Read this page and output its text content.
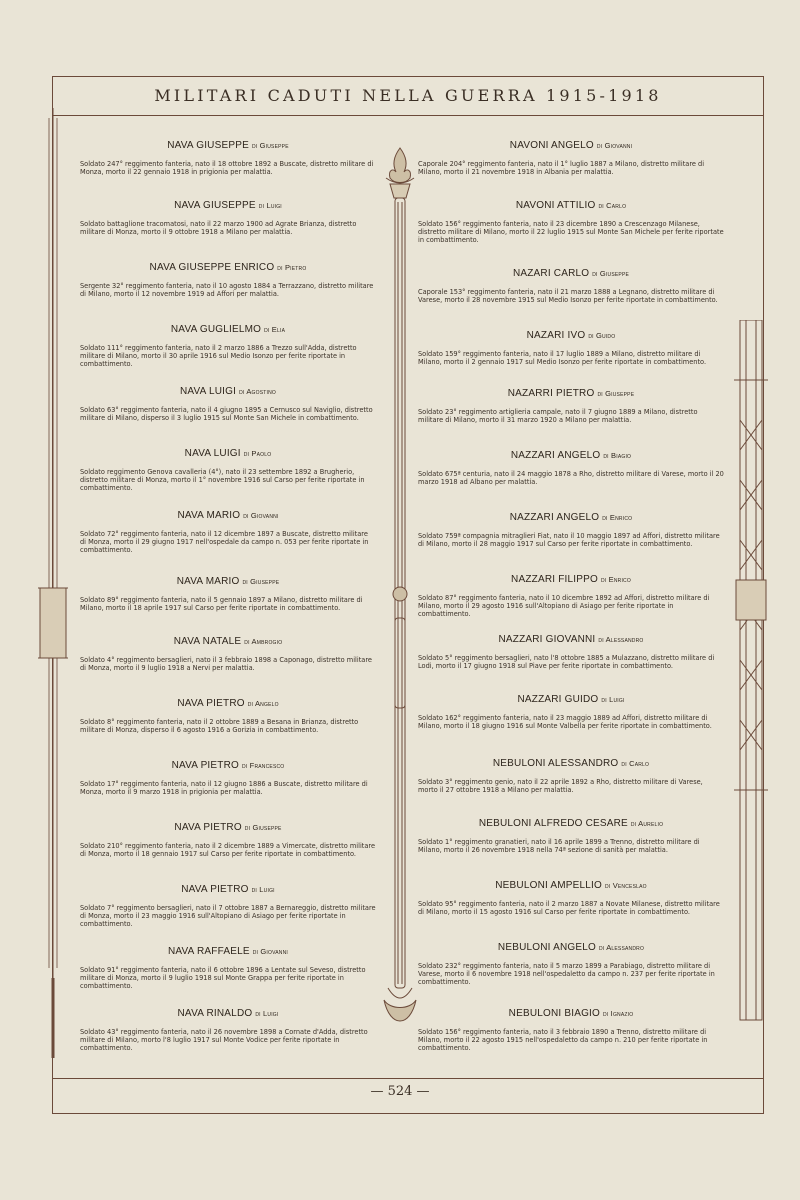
MILITARI CADUTI NELLA GUERRA 1915-1918
NAVA GIUSEPPE di Giuseppe
Soldato 247° reggimento fanteria, nato il 18 ottobre 1892 a Buscate, distretto militare di Monza, morto il 22 gennaio 1918 in prigionia per malattia.
NAVA GIUSEPPE di Luigi
Soldato battaglione tracomatosi, nato il 22 marzo 1900 ad Agrate Brianza, distretto militare di Monza, morto il 9 ottobre 1918 a Milano per malattia.
NAVA GIUSEPPE ENRICO di Pietro
Sergente 32° reggimento fanteria, nato il 10 agosto 1884 a Terrazzano, distretto militare di Milano, morto il 12 novembre 1919 ad Affori per malattia.
NAVA GUGLIELMO di Elia
Soldato 111° reggimento fanteria, nato il 2 marzo 1886 a Trezzo sull'Adda, distretto militare di Milano, morto il 30 aprile 1916 sul Medio Isonzo per ferite riportate in combattimento.
NAVA LUIGI di Agostino
Soldato 63° reggimento fanteria, nato il 4 giugno 1895 a Cernusco sul Naviglio, distretto militare di Milano, disperso il 3 luglio 1915 sul Monte San Michele in combattimento.
NAVA LUIGI di Paolo
Soldato reggimento Genova cavalleria (4°), nato il 23 settembre 1892 a Brugherio, distretto militare di Monza, morto il 1° novembre 1916 sul Carso per ferite riportate in combattimento.
NAVA MARIO di Giovanni
Soldato 72° reggimento fanteria, nato il 12 dicembre 1897 a Buscate, distretto militare di Monza, morto il 29 giugno 1917 nell'ospedale da campo n. 053 per ferite riportate in combattimento.
NAVA MARIO di Giuseppe
Soldato 89° reggimento fanteria, nato il 5 gennaio 1897 a Milano, distretto militare di Milano, morto il 18 aprile 1917 sul Carso per ferite riportate in combattimento.
NAVA NATALE di Ambrogio
Soldato 4° reggimento bersaglieri, nato il 3 febbraio 1898 a Caponago, distretto militare di Monza, morto il 9 luglio 1918 a Nervi per malattia.
NAVA PIETRO di Angelo
Soldato 8° reggimento fanteria, nato il 2 ottobre 1889 a Besana in Brianza, distretto militare di Monza, disperso il 6 agosto 1916 a Gorizia in combattimento.
NAVA PIETRO di Francesco
Soldato 17° reggimento fanteria, nato il 12 giugno 1886 a Buscate, distretto militare di Monza, morto il 9 marzo 1918 in prigionia per malattia.
NAVA PIETRO di Giuseppe
Soldato 210° reggimento fanteria, nato il 2 dicembre 1889 a Vimercate, distretto militare di Monza, morto il 18 gennaio 1917 sul Carso per ferite riportate in combattimento.
NAVA PIETRO di Luigi
Soldato 7° reggimento bersaglieri, nato il 7 ottobre 1887 a Bernareggio, distretto militare di Monza, morto il 23 maggio 1916 sull'Altopiano di Asiago per ferite riportate in combattimento.
NAVA RAFFAELE di Giovanni
Soldato 91° reggimento fanteria, nato il 6 ottobre 1896 a Lentate sul Seveso, distretto militare di Monza, morto il 9 luglio 1918 sul Monte Grappa per ferite riportate in combattimento.
NAVA RINALDO di Luigi
Soldato 43° reggimento fanteria, nato il 26 novembre 1898 a Cornate d'Adda, distretto militare di Milano, morto l'8 luglio 1917 sul Monte Vodice per ferite riportate in combattimento.
NAVONI ANGELO di Giovanni
Caporale 204° reggimento fanteria, nato il 1° luglio 1887 a Milano, distretto militare di Milano, morto il 21 novembre 1918 in Albania per malattia.
NAVONI ATTILIO di Carlo
Soldato 156° reggimento fanteria, nato il 23 dicembre 1890 a Crescenzago Milanese, distretto militare di Milano, morto il 22 luglio 1915 sul Monte San Michele per ferite riportate in combattimento.
NAZARI CARLO di Giuseppe
Caporale 153° reggimento fanteria, nato il 21 marzo 1888 a Legnano, distretto militare di Varese, morto il 28 novembre 1915 sul Medio Isonzo per ferite riportate in combattimento.
NAZARI IVO di Guido
Soldato 159° reggimento fanteria, nato il 17 luglio 1889 a Milano, distretto militare di Milano, morto il 2 gennaio 1917 sul Medio Isonzo per ferite riportate in combattimento.
NAZARRI PIETRO di Giuseppe
Soldato 23° reggimento artiglieria campale, nato il 7 giugno 1889 a Milano, distretto militare di Milano, morto il 31 marzo 1920 a Milano per malattia.
NAZZARI ANGELO di Biagio
Soldato 675ª centuria, nato il 24 maggio 1878 a Rho, distretto militare di Varese, morto il 20 marzo 1918 ad Albano per malattia.
NAZZARI ANGELO di Enrico
Soldato 759ª compagnia mitraglieri Fiat, nato il 10 maggio 1897 ad Affori, distretto militare di Milano, morto il 28 maggio 1917 sul Carso per ferite riportate in combattimento.
NAZZARI FILIPPO di Enrico
Soldato 87° reggimento fanteria, nato il 10 dicembre 1892 ad Affori, distretto militare di Milano, morto il 29 agosto 1916 sull'Altopiano di Asiago per ferite riportate in combattimento.
NAZZARI GIOVANNI di Alessandro
Soldato 5° reggimento bersaglieri, nato l'8 ottobre 1885 a Mulazzano, distretto militare di Lodi, morto il 17 giugno 1918 sul Piave per ferite riportate in combattimento.
NAZZARI GUIDO di Luigi
Soldato 162° reggimento fanteria, nato il 23 maggio 1889 ad Affori, distretto militare di Milano, morto il 18 giugno 1916 sul Monte Valbella per ferite riportate in combattimento.
NEBULONI ALESSANDRO di Carlo
Soldato 3° reggimento genio, nato il 22 aprile 1892 a Rho, distretto militare di Varese, morto il 27 ottobre 1918 a Milano per malattia.
NEBULONI ALFREDO CESARE di Aurelio
Soldato 1° reggimento granatieri, nato il 16 aprile 1899 a Trenno, distretto militare di Milano, morto il 26 novembre 1918 nella 74ª sezione di sanità per malattia.
NEBULONI AMPELLIO di Venceslao
Soldato 95° reggimento fanteria, nato il 2 marzo 1887 a Novate Milanese, distretto militare di Milano, morto il 15 agosto 1916 sul Carso per ferite riportate in combattimento.
NEBULONI ANGELO di Alessandro
Soldato 232° reggimento fanteria, nato il 5 marzo 1899 a Parabiago, distretto militare di Varese, morto il 6 novembre 1918 nell'ospedaletto da campo n. 237 per ferite riportate in combattimento.
NEBULONI BIAGIO di Ignazio
Soldato 156° reggimento fanteria, nato il 3 febbraio 1890 a Trenno, distretto militare di Milano, morto il 22 agosto 1915 nell'ospedaletto da campo n. 210 per ferite riportate in combattimento.
— 524 —
